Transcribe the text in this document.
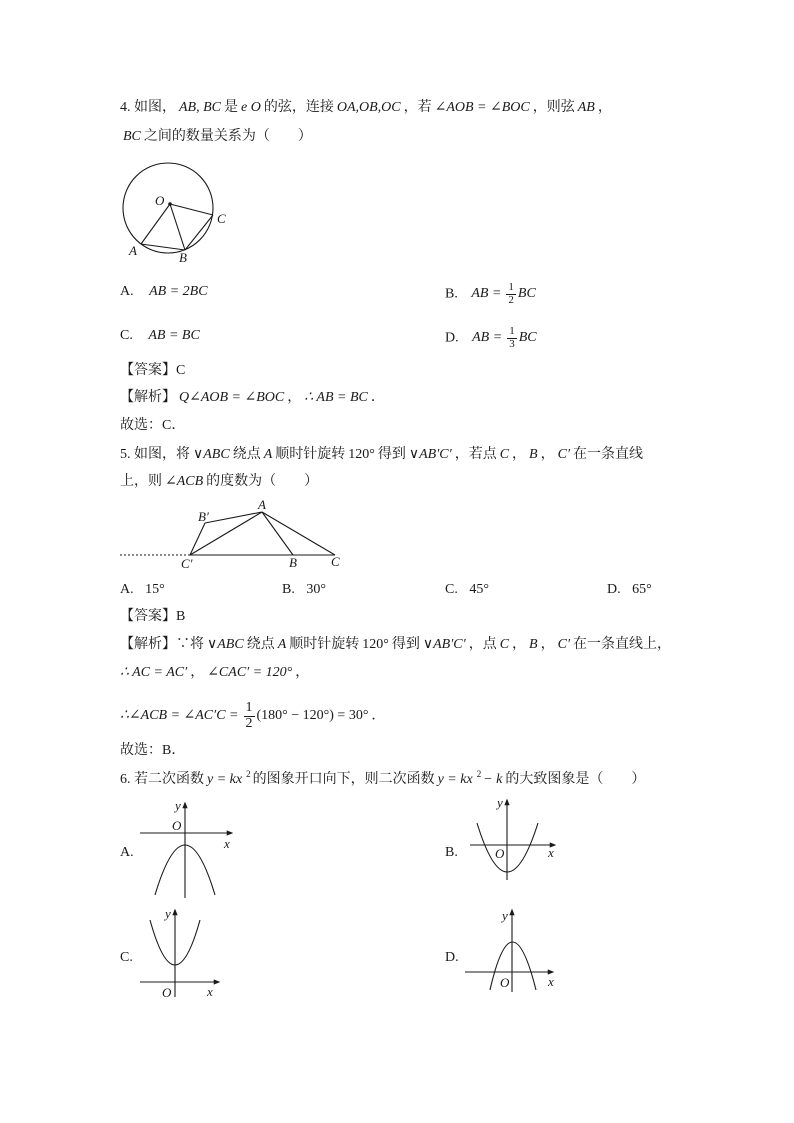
4. 如图， AB, BC 是 e O 的弦，连接 OA,OB,OC ，若 ∠AOB = ∠BOC ，则弦 AB ，
BC 之间的数量关系为（　　）
O
C
A	B
A. AB = 2BC	B. AB = $\frac{1}{2}$ BC
C. AB = BC	D. AB = $\frac{1}{3}$ BC
【答案】C
【解析】 Q∠AOB = ∠BOC ， ∴ AB = BC ．
故选：C．
5. 如图，将 ∨ABC 绕点 A 顺时针旋转 120° 得到 ∨AB′C′ ，若点 C ， B ， C′ 在一条直线
上，则 ∠ACB 的度数为（　　）
B′
A
C′	B	C
A. 15°	B. 30°	C. 45°	D. 65°
【答案】B
【解析】∵将 ∨ABC 绕点 A 顺时针旋转 120° 得到 ∨AB′C′ ，点 C ， B ， C′ 在一条直线上，
∴ AC = AC′ ， ∠CAC′ = 120° ，
∴∠ACB = ∠AC′C = $\frac{1}{2} (180^\circ - 120^\circ) = 30^\circ$ ．
故选：B．
6. 若二次函数 y = kx $^2$ 的图象开口向下，则二次函数 y = kx $^2$ − k 的大致图象是（　　）
A.
y
O
x
B.
y
O	x
C.
y
O	x
D.
y
O	x
